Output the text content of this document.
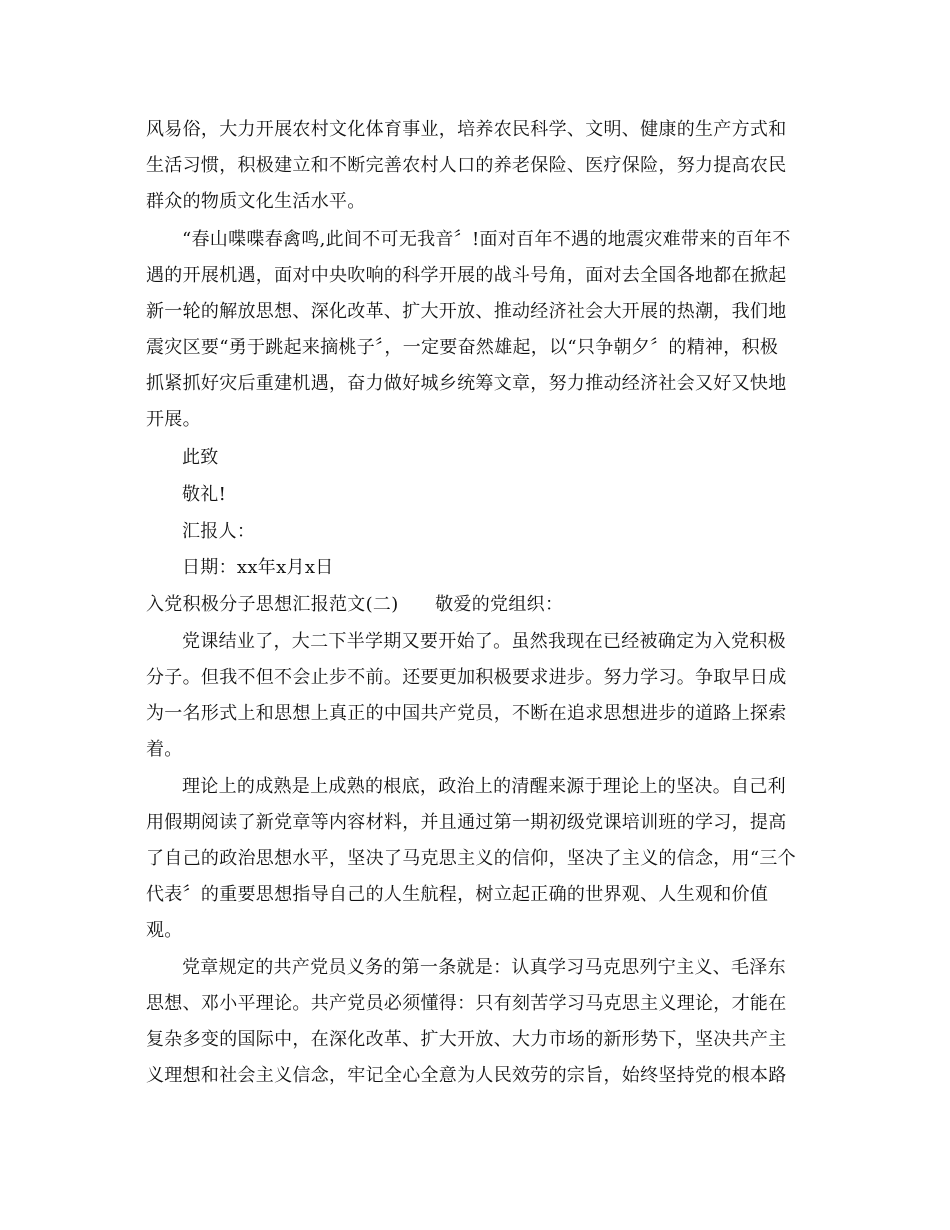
风易俗，大力开展农村文化体育事业，培养农民科学、文明、健康的生产方式和
生活习惯，积极建立和不断完善农村人口的养老保险、医疗保险，努力提高农民
群众的物质文化生活水平。
“春山喋喋春禽鸣,此间不可无我音〞!面对百年不遇的地震灾难带来的百年不
遇的开展机遇，面对中央吹响的科学开展的战斗号角，面对去全国各地都在掀起
新一轮的解放思想、深化改革、扩大开放、推动经济社会大开展的热潮，我们地
震灾区要“勇于跳起来摘桃子〞，一定要奋然雄起，以“只争朝夕〞的精神，积极
抓紧抓好灾后重建机遇，奋力做好城乡统筹文章，努力推动经济社会又好又快地
开展。
此致
敬礼!
汇报人：
日期：xx年x月x日
入党积极分子思想汇报范文(二)　　敬爱的党组织：
党课结业了，大二下半学期又要开始了。虽然我现在已经被确定为入党积极
分子。但我不但不会止步不前。还要更加积极要求进步。努力学习。争取早日成
为一名形式上和思想上真正的中国共产党员，不断在追求思想进步的道路上探索
着。
理论上的成熟是上成熟的根底，政治上的清醒来源于理论上的坚决。自己利
用假期阅读了新党章等内容材料，并且通过第一期初级党课培训班的学习，提高
了自己的政治思想水平，坚决了马克思主义的信仰，坚决了主义的信念，用“三个
代表〞的重要思想指导自己的人生航程，树立起正确的世界观、人生观和价值
观。
党章规定的共产党员义务的第一条就是：认真学习马克思列宁主义、毛泽东
思想、邓小平理论。共产党员必须懂得：只有刻苦学习马克思主义理论，才能在
复杂多变的国际中，在深化改革、扩大开放、大力市场的新形势下，坚决共产主
义理想和社会主义信念，牢记全心全意为人民效劳的宗旨，始终坚持党的根本路
